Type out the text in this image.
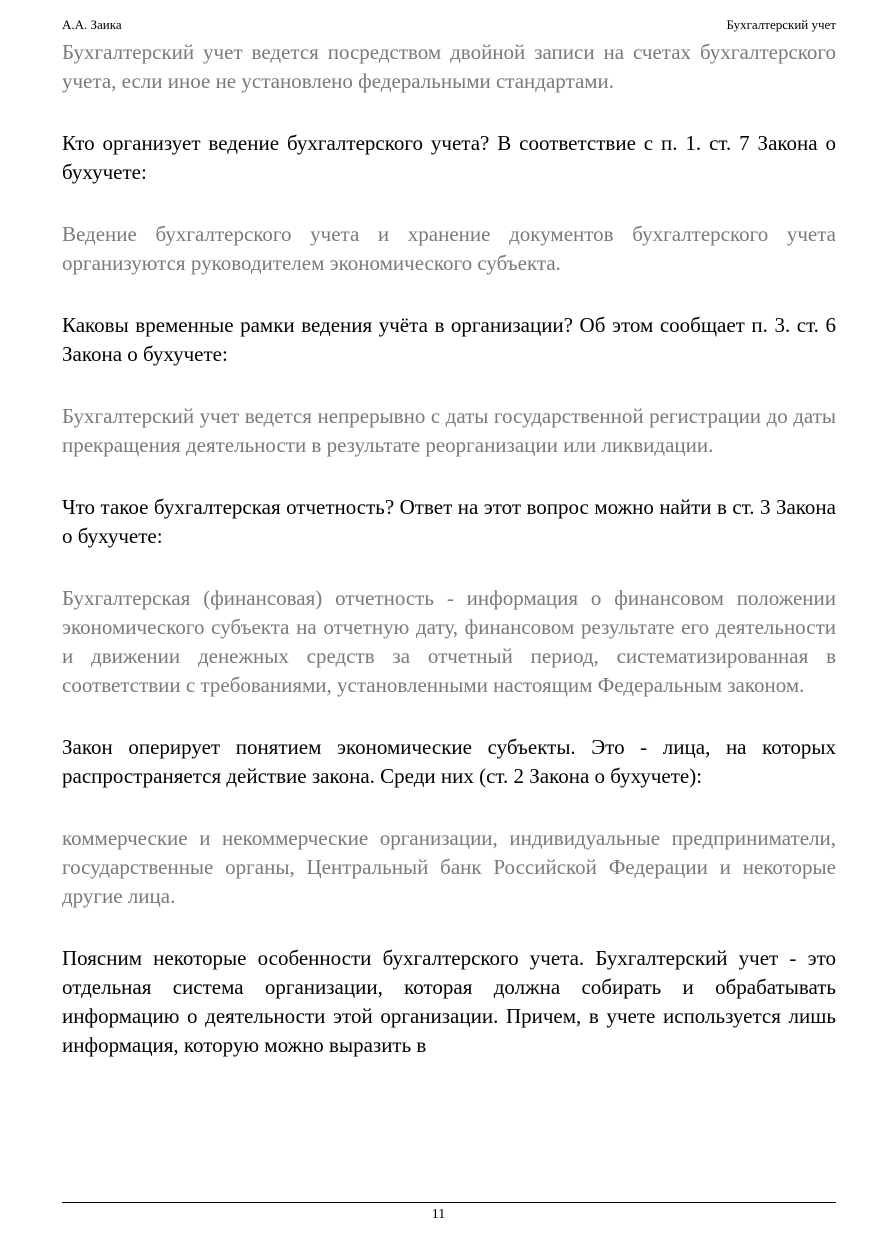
А.А. Заика	Бухгалтерский учет

Бухгалтерский учет ведется посредством двойной записи на счетах бухгалтерского учета, если иное не установлено федеральными стандартами.

Кто организует ведение бухгалтерского учета? В соответствие с п. 1. ст. 7 Закона о бухучете:

Ведение бухгалтерского учета и хранение документов бухгалтерского учета организуются руководителем экономического субъекта.

Каковы временные рамки ведения учёта в организации? Об этом сообщает п. 3. ст. 6 Закона о бухучете:

Бухгалтерский учет ведется непрерывно с даты государственной регистрации до даты прекращения деятельности в результате реорганизации или ликвидации.

Что такое бухгалтерская отчетность? Ответ на этот вопрос можно найти в ст. 3 Закона о бухучете:

Бухгалтерская (финансовая) отчетность - информация о финансовом положении экономического субъекта на отчетную дату, финансовом результате его деятельности и движении денежных средств за отчетный период, систематизированная в соответствии с требованиями, установленными настоящим Федеральным законом.

Закон оперирует понятием экономические субъекты. Это - лица, на которых распространяется действие закона. Среди них (ст. 2 Закона о бухучете):

коммерческие и некоммерческие организации, индивидуальные предприниматели, государственные органы, Центральный банк Российской Федерации и некоторые другие лица.

Поясним некоторые особенности бухгалтерского учета. Бухгалтерский учет - это отдельная система организации, которая должна собирать и обрабатывать информацию о деятельности этой организации. Причем, в учете используется лишь информация, которую можно выразить в

11
